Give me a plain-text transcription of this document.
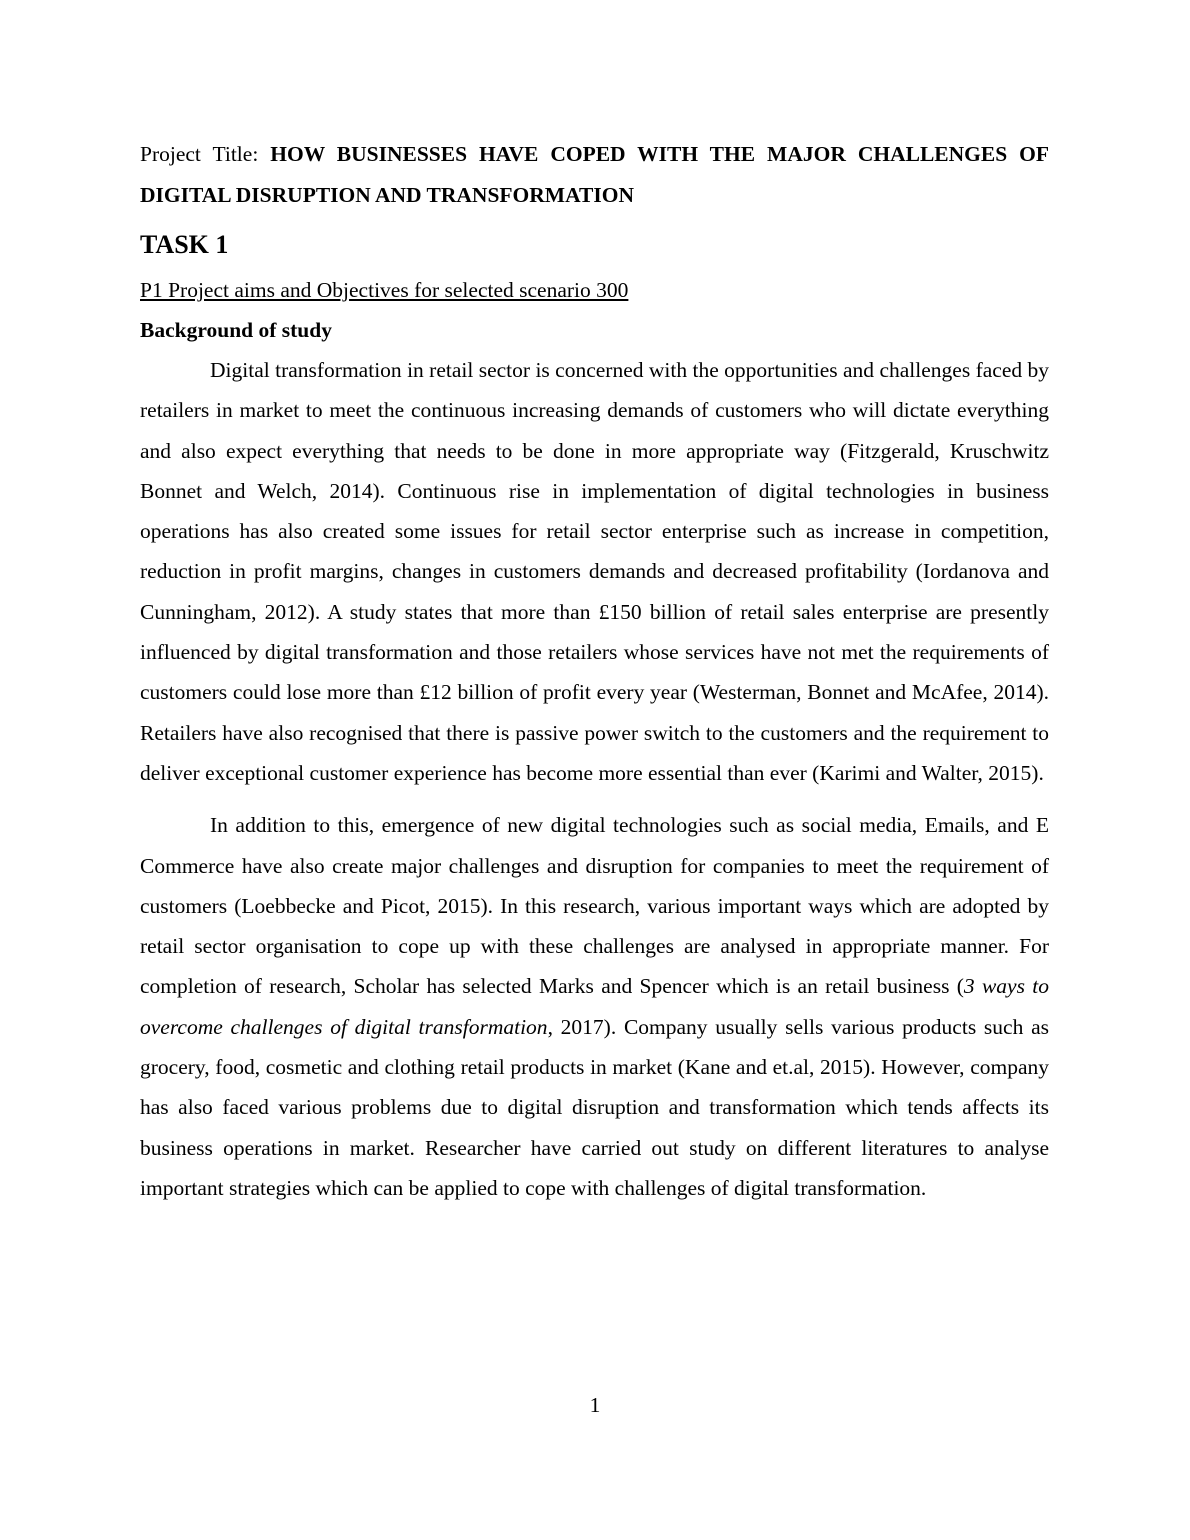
Project Title: HOW BUSINESSES HAVE COPED WITH THE MAJOR CHALLENGES OF DIGITAL DISRUPTION AND TRANSFORMATION

TASK 1

P1 Project aims and Objectives for selected scenario 300

Background of study

Digital transformation in retail sector is concerned with the opportunities and challenges faced by retailers in market to meet the continuous increasing demands of customers who will dictate everything and also expect everything that needs to be done in more appropriate way (Fitzgerald, Kruschwitz Bonnet and Welch, 2014). Continuous rise in implementation of digital technologies in business operations has also created some issues for retail sector enterprise such as increase in competition, reduction in profit margins, changes in customers demands and decreased profitability (Iordanova and Cunningham, 2012). A study states that more than £150 billion of retail sales enterprise are presently influenced by digital transformation and those retailers whose services have not met the requirements of customers could lose more than £12 billion of profit every year (Westerman, Bonnet and McAfee, 2014). Retailers have also recognised that there is passive power switch to the customers and the requirement to deliver exceptional customer experience has become more essential than ever (Karimi and Walter, 2015).

In addition to this, emergence of new digital technologies such as social media, Emails, and E Commerce have also create major challenges and disruption for companies to meet the requirement of customers (Loebbecke and Picot, 2015). In this research, various important ways which are adopted by retail sector organisation to cope up with these challenges are analysed in appropriate manner. For completion of research, Scholar has selected Marks and Spencer which is an retail business (3 ways to overcome challenges of digital transformation, 2017). Company usually sells various products such as grocery, food, cosmetic and clothing retail products in market (Kane and et.al, 2015). However, company has also faced various problems due to digital disruption and transformation which tends affects its business operations in market. Researcher have carried out study on different literatures to analyse important strategies which can be applied to cope with challenges of digital transformation.

1
